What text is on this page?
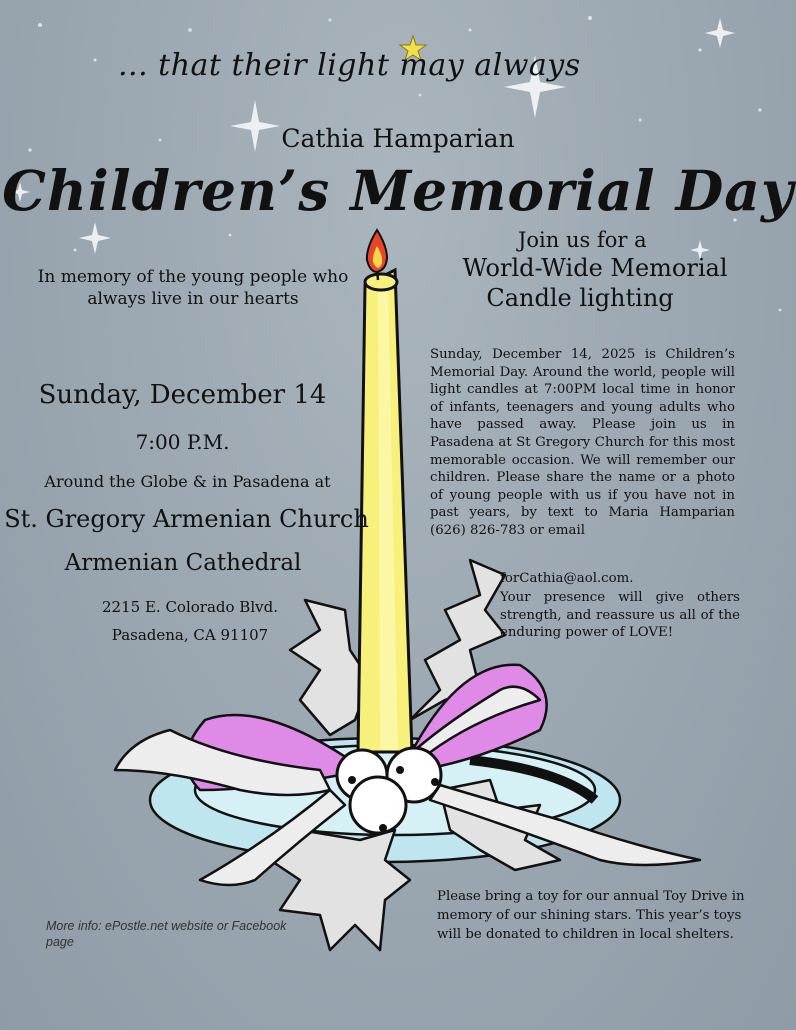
... that their light may always
Cathia Hamparian
Children’s Memorial Day
Join us for a
World-Wide Memorial
Candle lighting
In memory of the young people who
always live in our hearts
Sunday, December 14
7:00 P.M.
Around the Globe & in Pasadena at
St. Gregory Armenian Church
Armenian Cathedral
2215 E. Colorado Blvd.
Pasadena, CA 91107
Sunday, December 14, 2025 is Children’s Memorial Day. Around the world, people will light candles at 7:00PM local time in honor of infants, teenagers and young adults who have passed away. Please join us in Pasadena at St Gregory Church for this most memorable occasion. We will remember our children. Please share the name or a photo of young people with us if you have not in past years, by text to Maria Hamparian (626) 826-783 or email
forCathia@aol.com.
Your presence will give others strength, and reassure us all of the enduring power of LOVE!
Please bring a toy for our annual Toy Drive in memory of our shining stars. This year’s toys will be donated to children in local shelters.
More info: ePostle.net website or Facebook page
